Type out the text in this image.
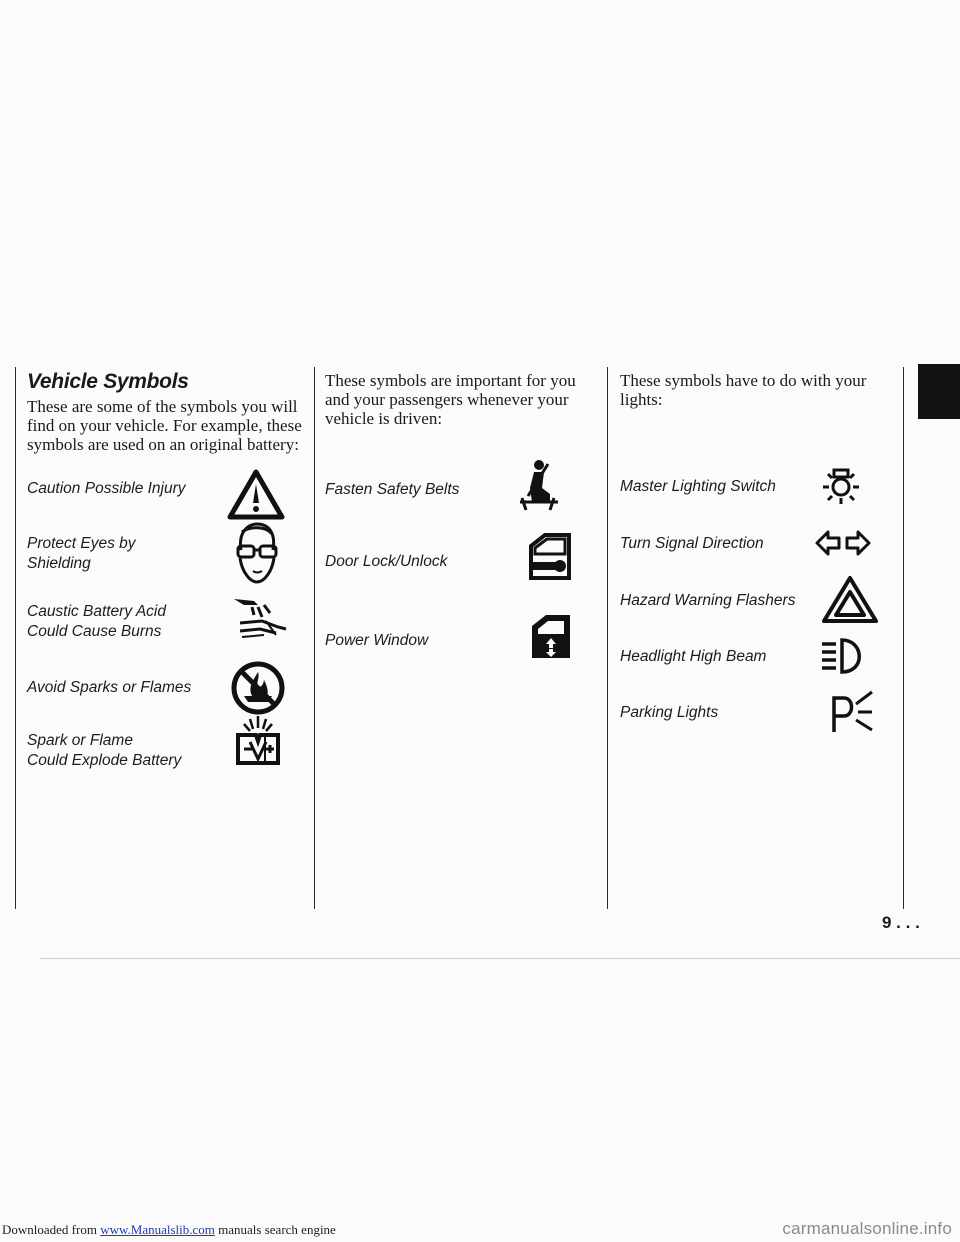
Downloaded from www.Manualslib.com manuals search engine	carmanualsonline.info
9 . . .
Vehicle Symbols
These are some of the symbols you will
find on your vehicle. For example, these
symbols are used on an original battery:
Caution Possible Injury
Protect Eyes by
Shielding
Caustic Battery Acid
Could Cause Burns
Avoid Sparks or Flames
Spark or Flame
Could Explode Battery
These symbols are important for you
and your passengers whenever your
vehicle is driven:
Fasten Safety Belts
Door Lock/Unlock
Power Window
These symbols have to do with your
lights:
Master Lighting Switch
Turn Signal Direction
Hazard Warning Flashers
Headlight High Beam
Parking Lights
